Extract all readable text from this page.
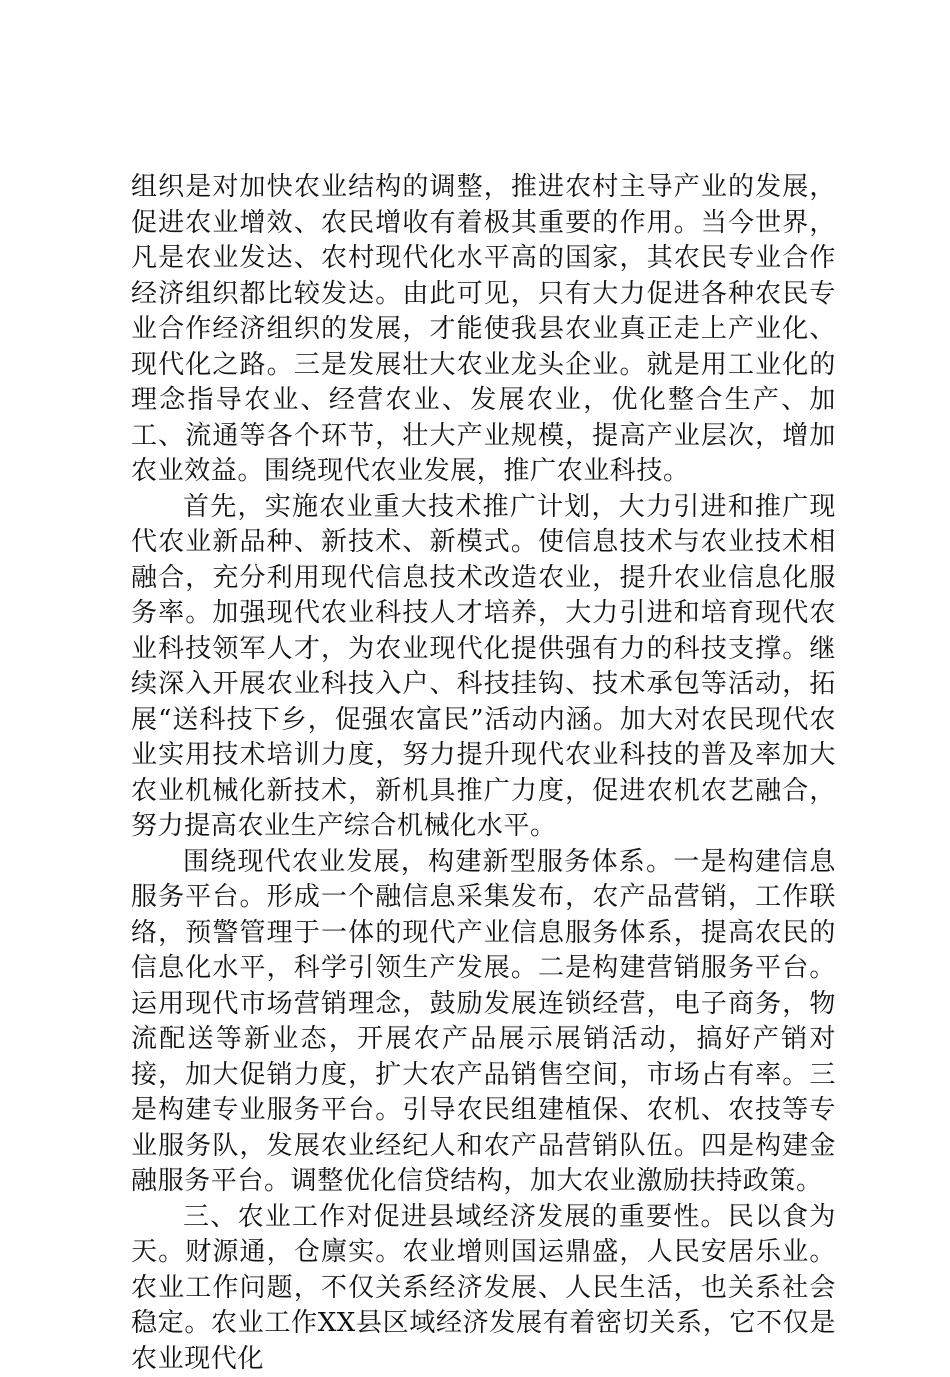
组织是对加快农业结构的调整，推进农村主导产业的发展，促进农业增效、农民增收有着极其重要的作用。当今世界，凡是农业发达、农村现代化水平高的国家，其农民专业合作经济组织都比较发达。由此可见，只有大力促进各种农民专业合作经济组织的发展，才能使我县农业真正走上产业化、现代化之路。三是发展壮大农业龙头企业。就是用工业化的理念指导农业、经营农业、发展农业，优化整合生产、加工、流通等各个环节，壮大产业规模，提高产业层次，增加农业效益。围绕现代农业发展，推广农业科技。

首先，实施农业重大技术推广计划，大力引进和推广现代农业新品种、新技术、新模式。使信息技术与农业技术相融合，充分利用现代信息技术改造农业，提升农业信息化服务率。加强现代农业科技人才培养，大力引进和培育现代农业科技领军人才，为农业现代化提供强有力的科技支撑。继续深入开展农业科技入户、科技挂钩、技术承包等活动，拓展“送科技下乡，促强农富民”活动内涵。加大对农民现代农业实用技术培训力度，努力提升现代农业科技的普及率加大农业机械化新技术，新机具推广力度，促进农机农艺融合，努力提高农业生产综合机械化水平。

围绕现代农业发展，构建新型服务体系。一是构建信息服务平台。形成一个融信息采集发布，农产品营销，工作联络，预警管理于一体的现代产业信息服务体系，提高农民的信息化水平，科学引领生产发展。二是构建营销服务平台。运用现代市场营销理念，鼓励发展连锁经营，电子商务，物流配送等新业态，开展农产品展示展销活动，搞好产销对接，加大促销力度，扩大农产品销售空间，市场占有率。三是构建专业服务平台。引导农民组建植保、农机、农技等专业服务队，发展农业经纪人和农产品营销队伍。四是构建金融服务平台。调整优化信贷结构，加大农业激励扶持政策。

三、农业工作对促进县域经济发展的重要性。民以食为天。财源通，仓廪实。农业增则国运鼎盛，人民安居乐业。农业工作问题，不仅关系经济发展、人民生活，也关系社会稳定。农业工作XX县区域经济发展有着密切关系，它不仅是农业现代化
